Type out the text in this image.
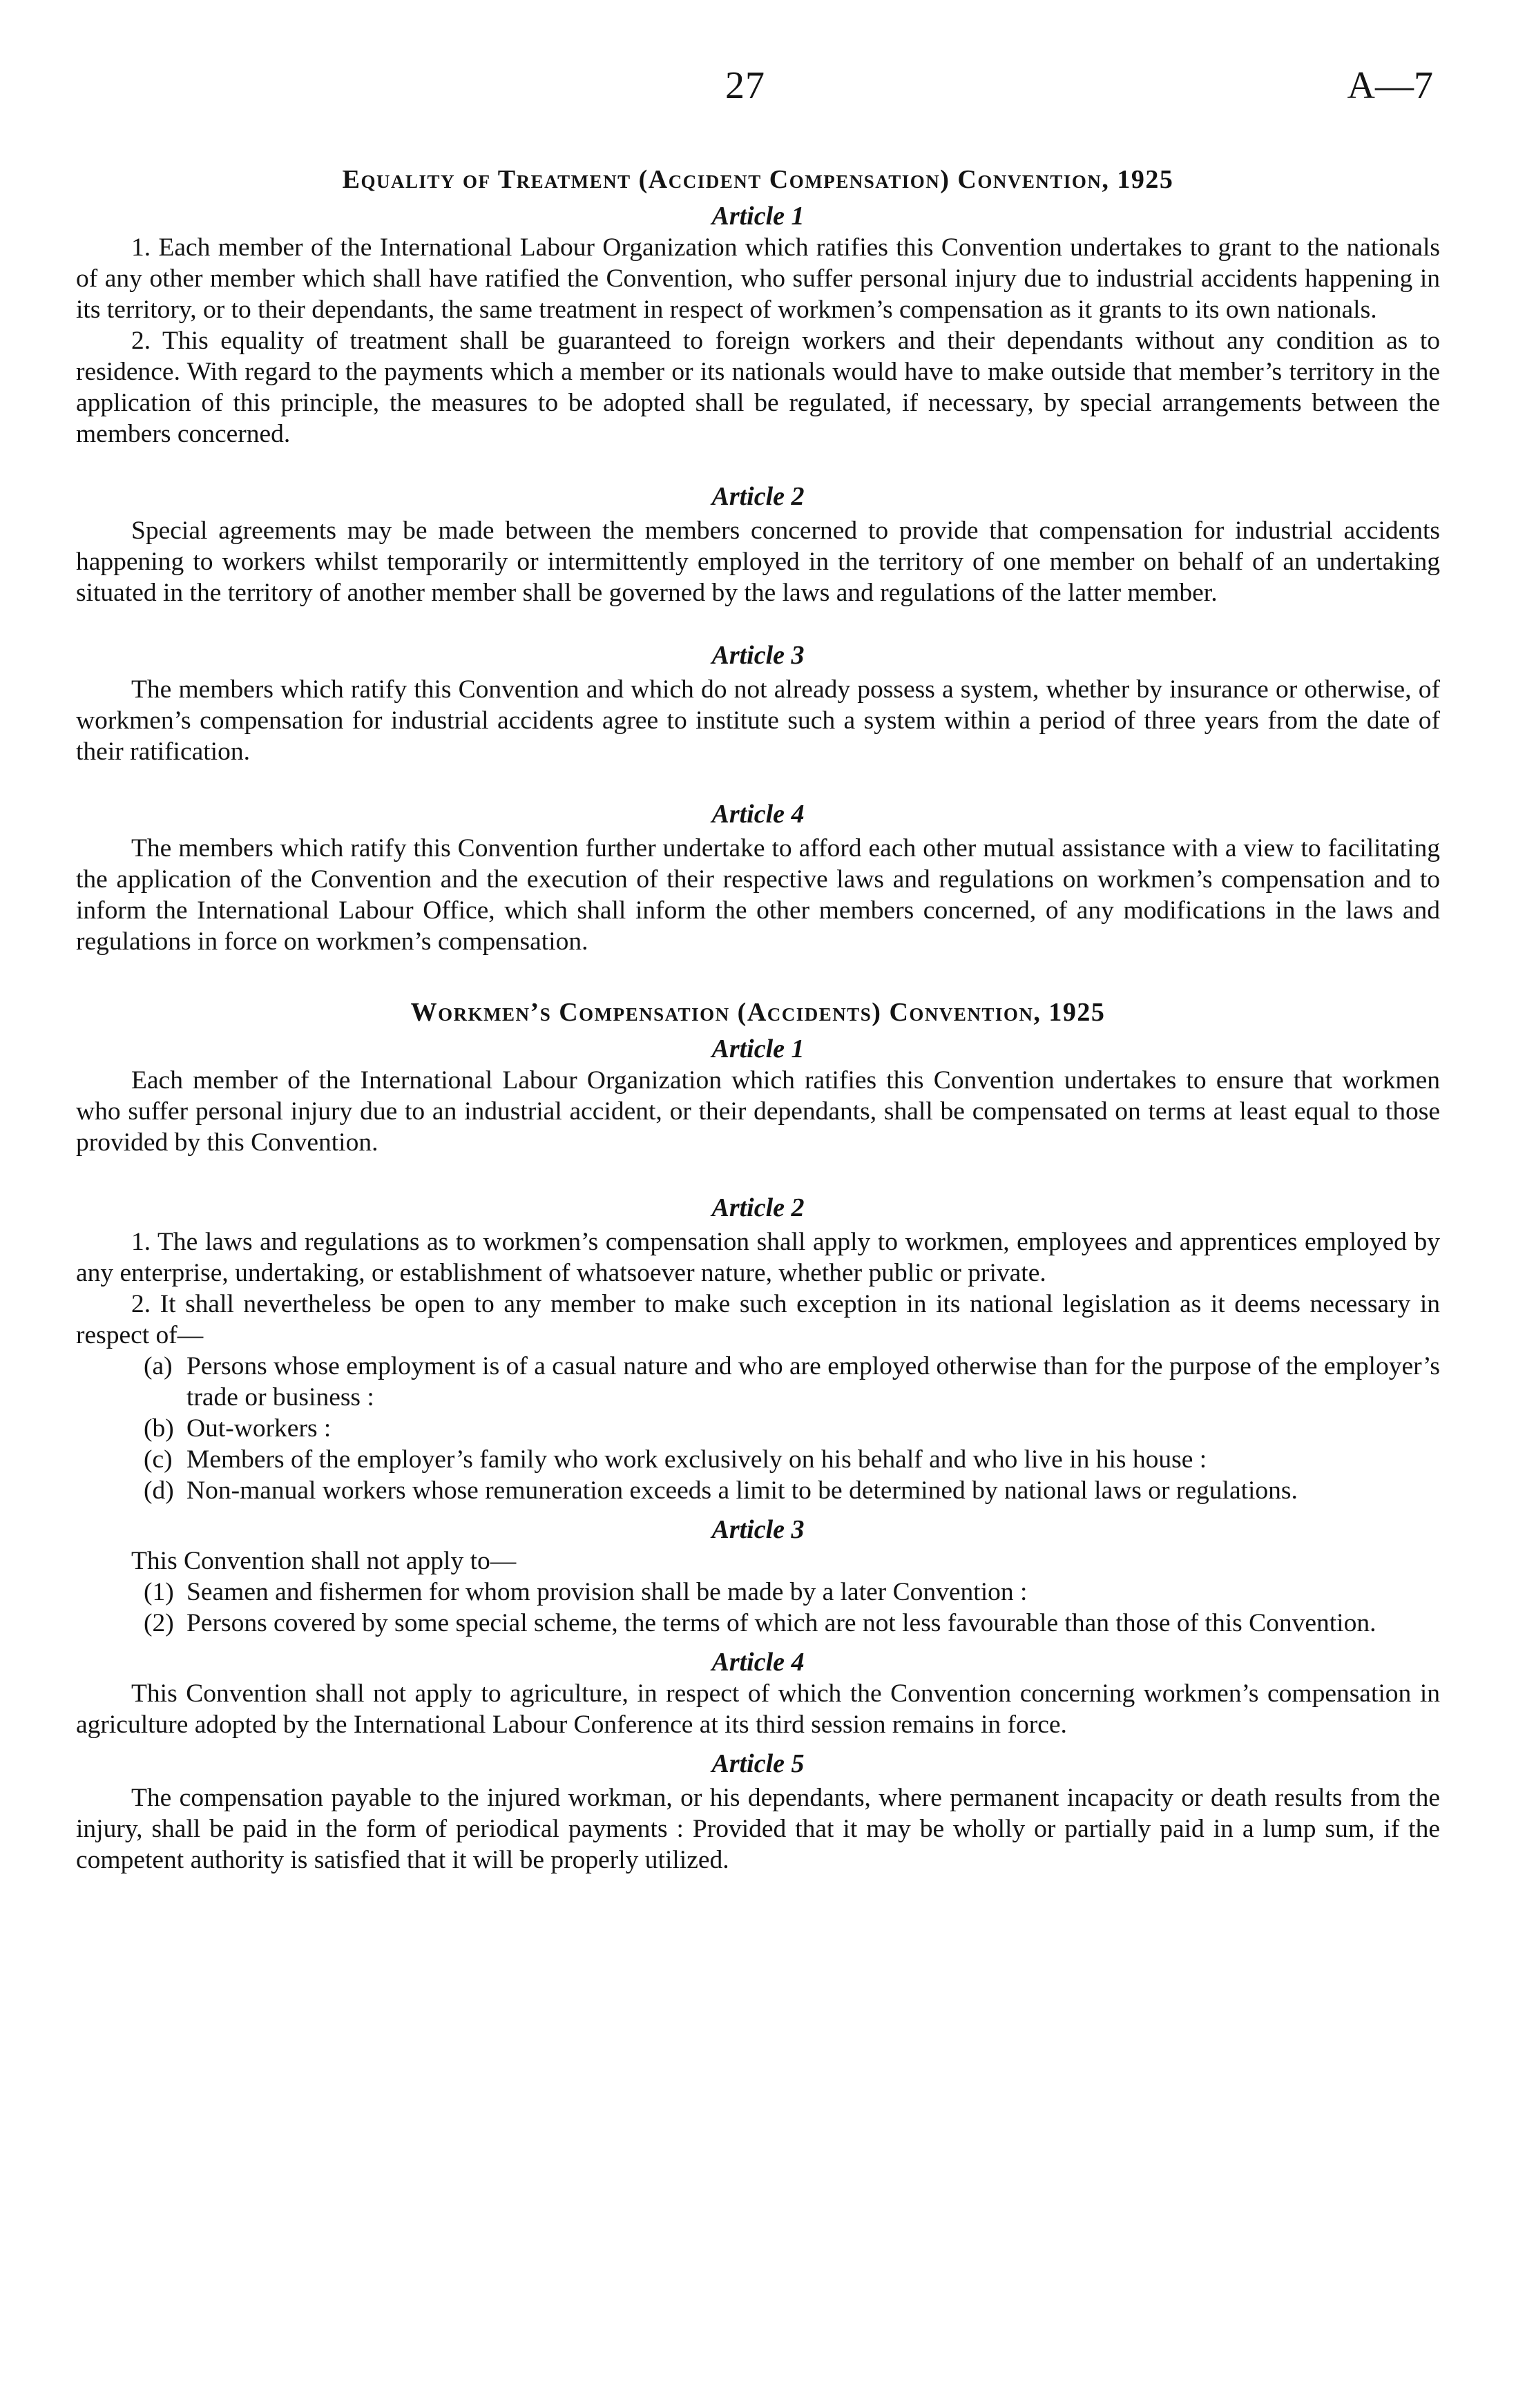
27	A—7
Equality of Treatment (Accident Compensation) Convention, 1925
Article 1

1. Each member of the International Labour Organization which ratifies this Convention undertakes to grant to the nationals of any other member which shall have ratified the Convention, who suffer personal injury due to industrial accidents happening in its territory, or to their dependants, the same treatment in respect of workmen’s compensation as it grants to its own nationals.

2. This equality of treatment shall be guaranteed to foreign workers and their dependants without any condition as to residence. With regard to the payments which a member or its nationals would have to make outside that member’s territory in the application of this principle, the measures to be adopted shall be regulated, if necessary, by special arrangements between the members concerned.

Article 2

Special agreements may be made between the members concerned to provide that compensation for industrial accidents happening to workers whilst temporarily or intermittently employed in the territory of one member on behalf of an undertaking situated in the territory of another member shall be governed by the laws and regulations of the latter member.

Article 3

The members which ratify this Convention and which do not already possess a system, whether by insurance or otherwise, of workmen’s compensation for industrial accidents agree to institute such a system within a period of three years from the date of their ratification.

Article 4

The members which ratify this Convention further undertake to afford each other mutual assistance with a view to facilitating the application of the Convention and the execution of their respective laws and regulations on workmen’s compensation and to inform the International Labour Office, which shall inform the other members concerned, of any modifications in the laws and regulations in force on workmen’s compensation.

Workmen’s Compensation (Accidents) Convention, 1925
Article 1

Each member of the International Labour Organization which ratifies this Convention undertakes to ensure that workmen who suffer personal injury due to an industrial accident, or their dependants, shall be compensated on terms at least equal to those provided by this Convention.

Article 2

1. The laws and regulations as to workmen’s compensation shall apply to workmen, employees and apprentices employed by any enterprise, undertaking, or establishment of whatsoever nature, whether public or private.

2. It shall nevertheless be open to any member to make such exception in its national legislation as it deems necessary in respect of—

(a) Persons whose employment is of a casual nature and who are employed otherwise than for the purpose of the employer’s trade or business :
(b) Out-workers :
(c) Members of the employer’s family who work exclusively on his behalf and who live in his house :
(d) Non-manual workers whose remuneration exceeds a limit to be determined by national laws or regulations.
Article 3

This Convention shall not apply to—

(1) Seamen and fishermen for whom provision shall be made by a later Convention :
(2) Persons covered by some special scheme, the terms of which are not less favourable than those of this Convention.
Article 4

This Convention shall not apply to agriculture, in respect of which the Convention concerning workmen’s compensation in agriculture adopted by the International Labour Conference at its third session remains in force.

Article 5

The compensation payable to the injured workman, or his dependants, where permanent incapacity or death results from the injury, shall be paid in the form of periodical payments : Provided that it may be wholly or partially paid in a lump sum, if the competent authority is satisfied that it will be properly utilized.
